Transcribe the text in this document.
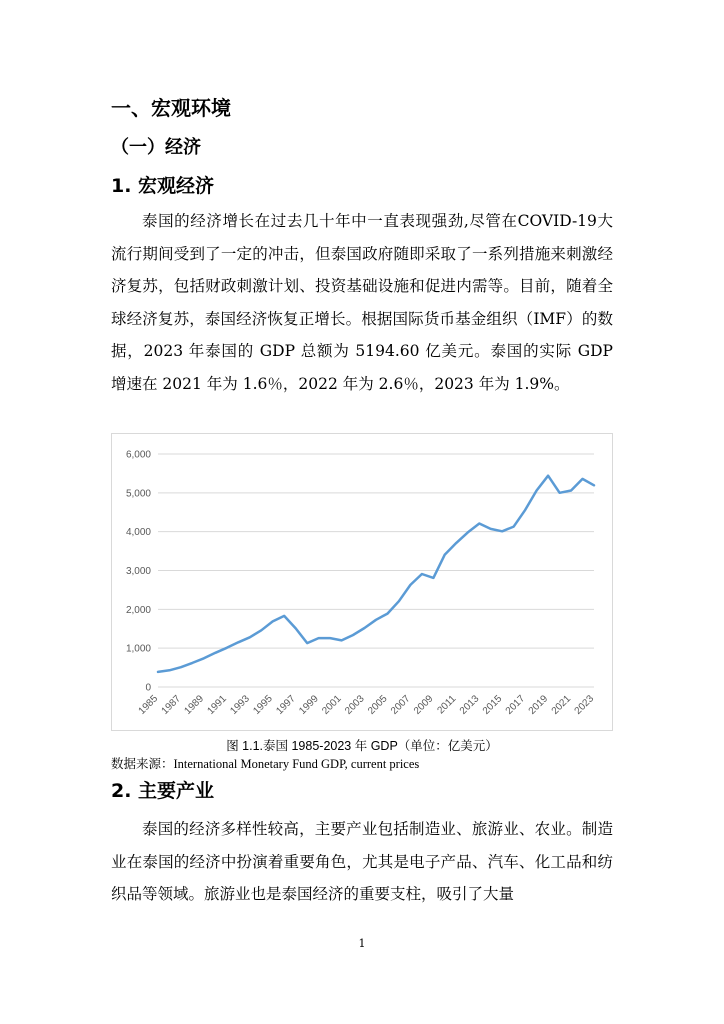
一、宏观环境
（一）经济
1. 宏观经济

泰国的经济增长在过去几十年中一直表现强劲,尽管在COVID-19大流行期间受到了一定的冲击，但泰国政府随即采取了一系列措施来刺激经济复苏，包括财政刺激计划、投资基础设施和促进内需等。目前，随着全球经济复苏，泰国经济恢复正增长。根据国际货币基金组织（IMF）的数据，2023 年泰国的 GDP 总额为 5194.60 亿美元。泰国的实际 GDP 增速在 2021 年为 1.6％，2022 年为 2.6％，2023 年为 1.9%。

0
1,000
2,000
3,000
4,000
5,000
6,000
1985 1987 1989 1991 1993 1995 1997 1999 2001 2003 2005 2007 2009 2011 2013 2015 2017 2019 2021 2023

图 1.1.泰国 1985-2023 年 GDP（单位：亿美元）

数据来源：International Monetary Fund GDP, current prices

2. 主要产业

泰国的经济多样性较高，主要产业包括制造业、旅游业、农业。制造业在泰国的经济中扮演着重要角色，尤其是电子产品、汽车、化工品和纺织品等领域。旅游业也是泰国经济的重要支柱，吸引了大量

1
